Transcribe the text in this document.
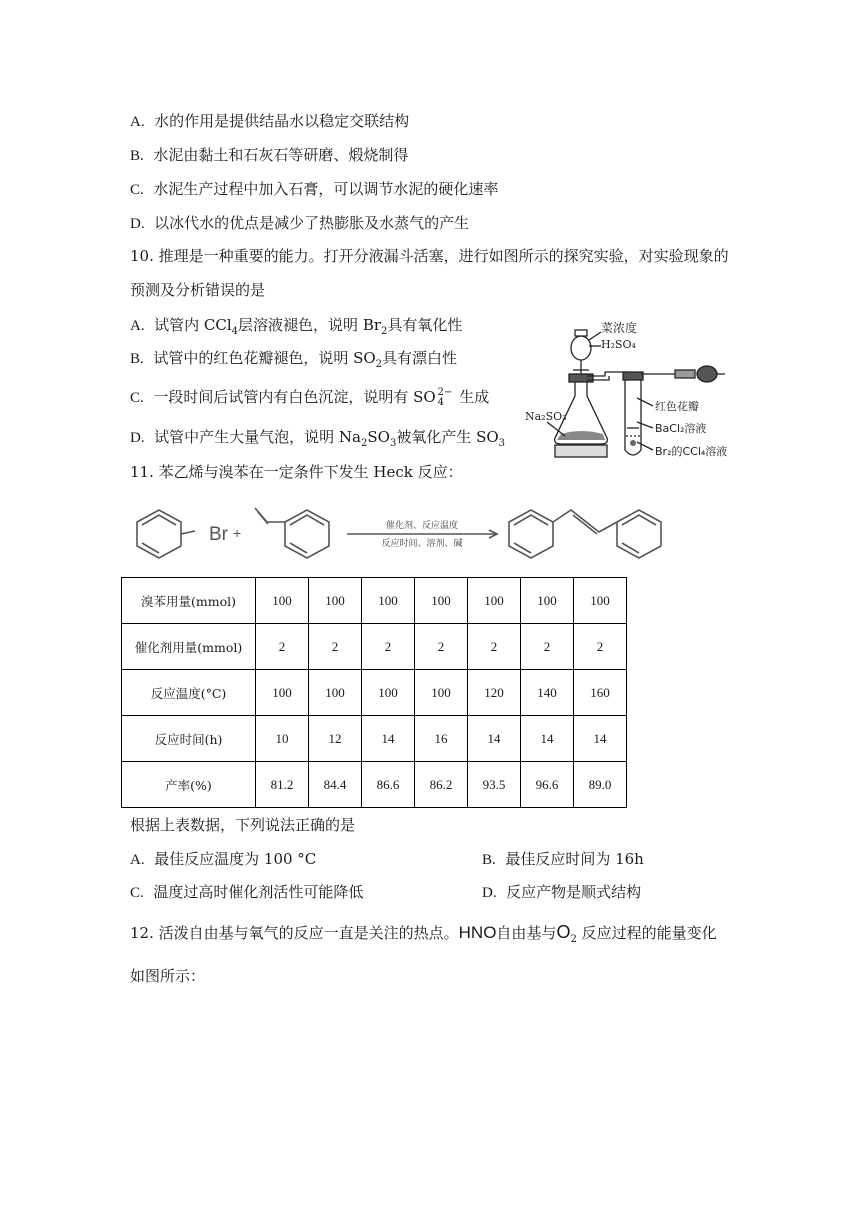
A. 水的作用是提供结晶水以稳定交联结构
B. 水泥由黏土和石灰石等研磨、煅烧制得
C. 水泥生产过程中加入石膏，可以调节水泥的硬化速率
D. 以冰代水的优点是减少了热膨胀及水蒸气的产生
10. 推理是一种重要的能力。打开分液漏斗活塞，进行如图所示的探究实验，对实验现象的
预测及分析错误的是
A. 试管内 CCl$_4$层溶液褪色，说明 $Br_2$具有氧化性
B. 试管中的红色花瓣褪色，说明 $SO_2$具有漂白性
C. 一段时间后试管内有白色沉淀，说明有 SO 2−
4	生成
D. 试管中产生大量气泡，说明 $Na_2SO_3$被氧化产生 $SO_3$
菜浓度
H₂SO₄
Na₂SO₃
红色花瓣
BaCl₂溶液
Br₂的CCl₄溶液
11. 苯乙烯与溴苯在一定条件下发生 Heck 反应：
Br +	催化剂、反应温度
反应时间、溶剂、碱
溴苯用量(mmol)	100	100	100	100	100	100	100
催化剂用量(mmol)	2	2	2	2	2	2	2
反应温度(°C)	100	100	100	100	120	140	160
反应时间(h)	10	12	14	16	14	14	14
产率(%)	81.2	84.4	86.6	86.2	93.5	96.6	89.0
根据上表数据，下列说法正确的是
A. 最佳反应温度为 100 °C	B. 最佳反应时间为 16h
C. 温度过高时催化剂活性可能降低	D. 反应产物是顺式结构
12. 活泼自由基与氧气的反应一直是关注的热点。HNO自由基与$O_2$ 反应过程的能量变化
如图所示：
